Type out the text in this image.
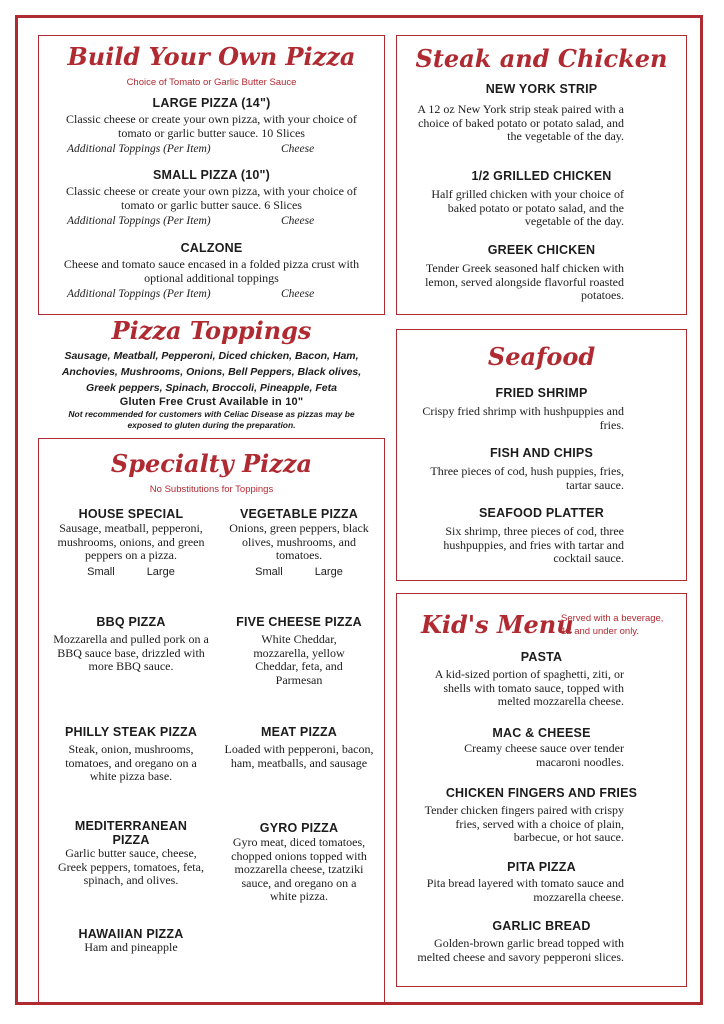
Build Your Own Pizza
Choice of Tomato or Garlic Butter Sauce
LARGE PIZZA (14")
Classic cheese or create your own pizza, with your choice of tomato or garlic butter sauce. 10 Slices
Additional Toppings (Per Item)	Cheese
SMALL PIZZA (10")
Classic cheese or create your own pizza, with your choice of tomato or garlic butter sauce. 6 Slices
Additional Toppings (Per Item)	Cheese
CALZONE
Cheese and tomato sauce encased in a folded pizza crust with optional additional toppings
Additional Toppings (Per Item)	Cheese
Pizza Toppings
Sausage, Meatball, Pepperoni, Diced chicken, Bacon, Ham,
Anchovies, Mushrooms, Onions, Bell Peppers, Black olives,
Greek peppers, Spinach, Broccoli, Pineapple, Feta
Gluten Free Crust Available in 10"
Not recommended for customers with Celiac Disease as pizzas may be exposed to gluten during the preparation.
Specialty Pizza
No Substitutions for Toppings
HOUSE SPECIAL
Sausage, meatball, pepperoni, mushrooms, onions, and green peppers on a pizza.
Small	Large
VEGETABLE PIZZA
Onions, green peppers, black olives, mushrooms, and tomatoes.
Small	Large
BBQ PIZZA
Mozzarella and pulled pork on a BBQ sauce base, drizzled with more BBQ sauce.
FIVE CHEESE PIZZA
White Cheddar, mozzarella, yellow Cheddar, feta, and Parmesan
PHILLY STEAK PIZZA
Steak, onion, mushrooms, tomatoes, and oregano on a white pizza base.
MEAT PIZZA
Loaded with pepperoni, bacon, ham, meatballs, and sausage
MEDITERRANEAN PIZZA
Garlic butter sauce, cheese, Greek peppers, tomatoes, feta, spinach, and olives.
GYRO PIZZA
Gyro meat, diced tomatoes, chopped onions topped with mozzarella cheese, tzatziki sauce, and oregano on a white pizza.
HAWAIIAN PIZZA
Ham and pineapple
Steak and Chicken
NEW YORK STRIP
A 12 oz New York strip steak paired with a choice of baked potato or potato salad, and the vegetable of the day.
1/2 GRILLED CHICKEN
Half grilled chicken with your choice of baked potato or potato salad, and the vegetable of the day.
GREEK CHICKEN
Tender Greek seasoned half chicken with lemon, served alongside flavorful roasted potatoes.
Seafood
FRIED SHRIMP
Crispy fried shrimp with hushpuppies and fries.
FISH AND CHIPS
Three pieces of cod, hush puppies, fries, tartar sauce.
SEAFOOD PLATTER
Six shrimp, three pieces of cod, three hushpuppies, and fries with tartar and cocktail sauce.
Kid's Menu
Served with a beverage, 12 and under only.
PASTA
A kid-sized portion of spaghetti, ziti, or shells with tomato sauce, topped with melted mozzarella cheese.
MAC & CHEESE
Creamy cheese sauce over tender macaroni noodles.
CHICKEN FINGERS AND FRIES
Tender chicken fingers paired with crispy fries, served with a choice of plain, barbecue, or hot sauce.
PITA PIZZA
Pita bread layered with tomato sauce and mozzarella cheese.
GARLIC BREAD
Golden-brown garlic bread topped with melted cheese and savory pepperoni slices.
